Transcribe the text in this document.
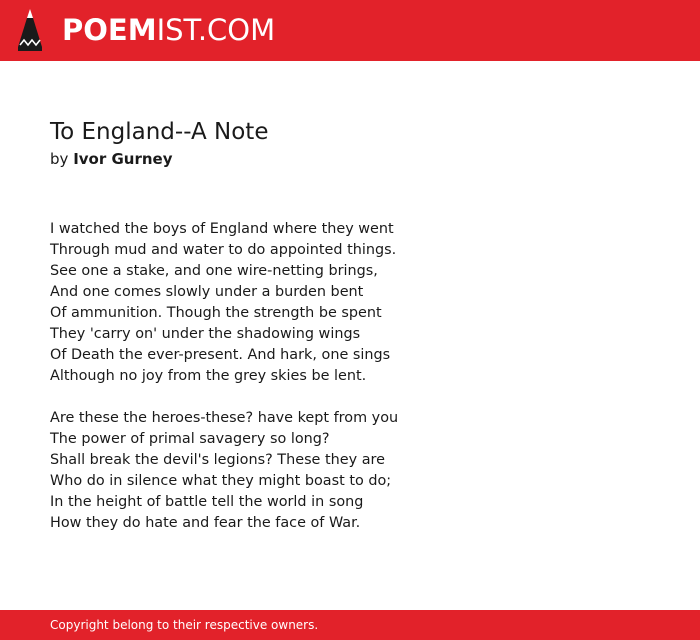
POEMIST.COM
To England--A Note
by Ivor Gurney
I watched the boys of England where they went
Through mud and water to do appointed things.
See one a stake, and one wire-netting brings,
And one comes slowly under a burden bent
Of ammunition. Though the strength be spent
They 'carry on' under the shadowing wings
Of Death the ever-present. And hark, one sings
Although no joy from the grey skies be lent.
Are these the heroes-these? have kept from you
The power of primal savagery so long?
Shall break the devil's legions? These they are
Who do in silence what they might boast to do;
In the height of battle tell the world in song
How they do hate and fear the face of War.
Copyright belong to their respective owners.
